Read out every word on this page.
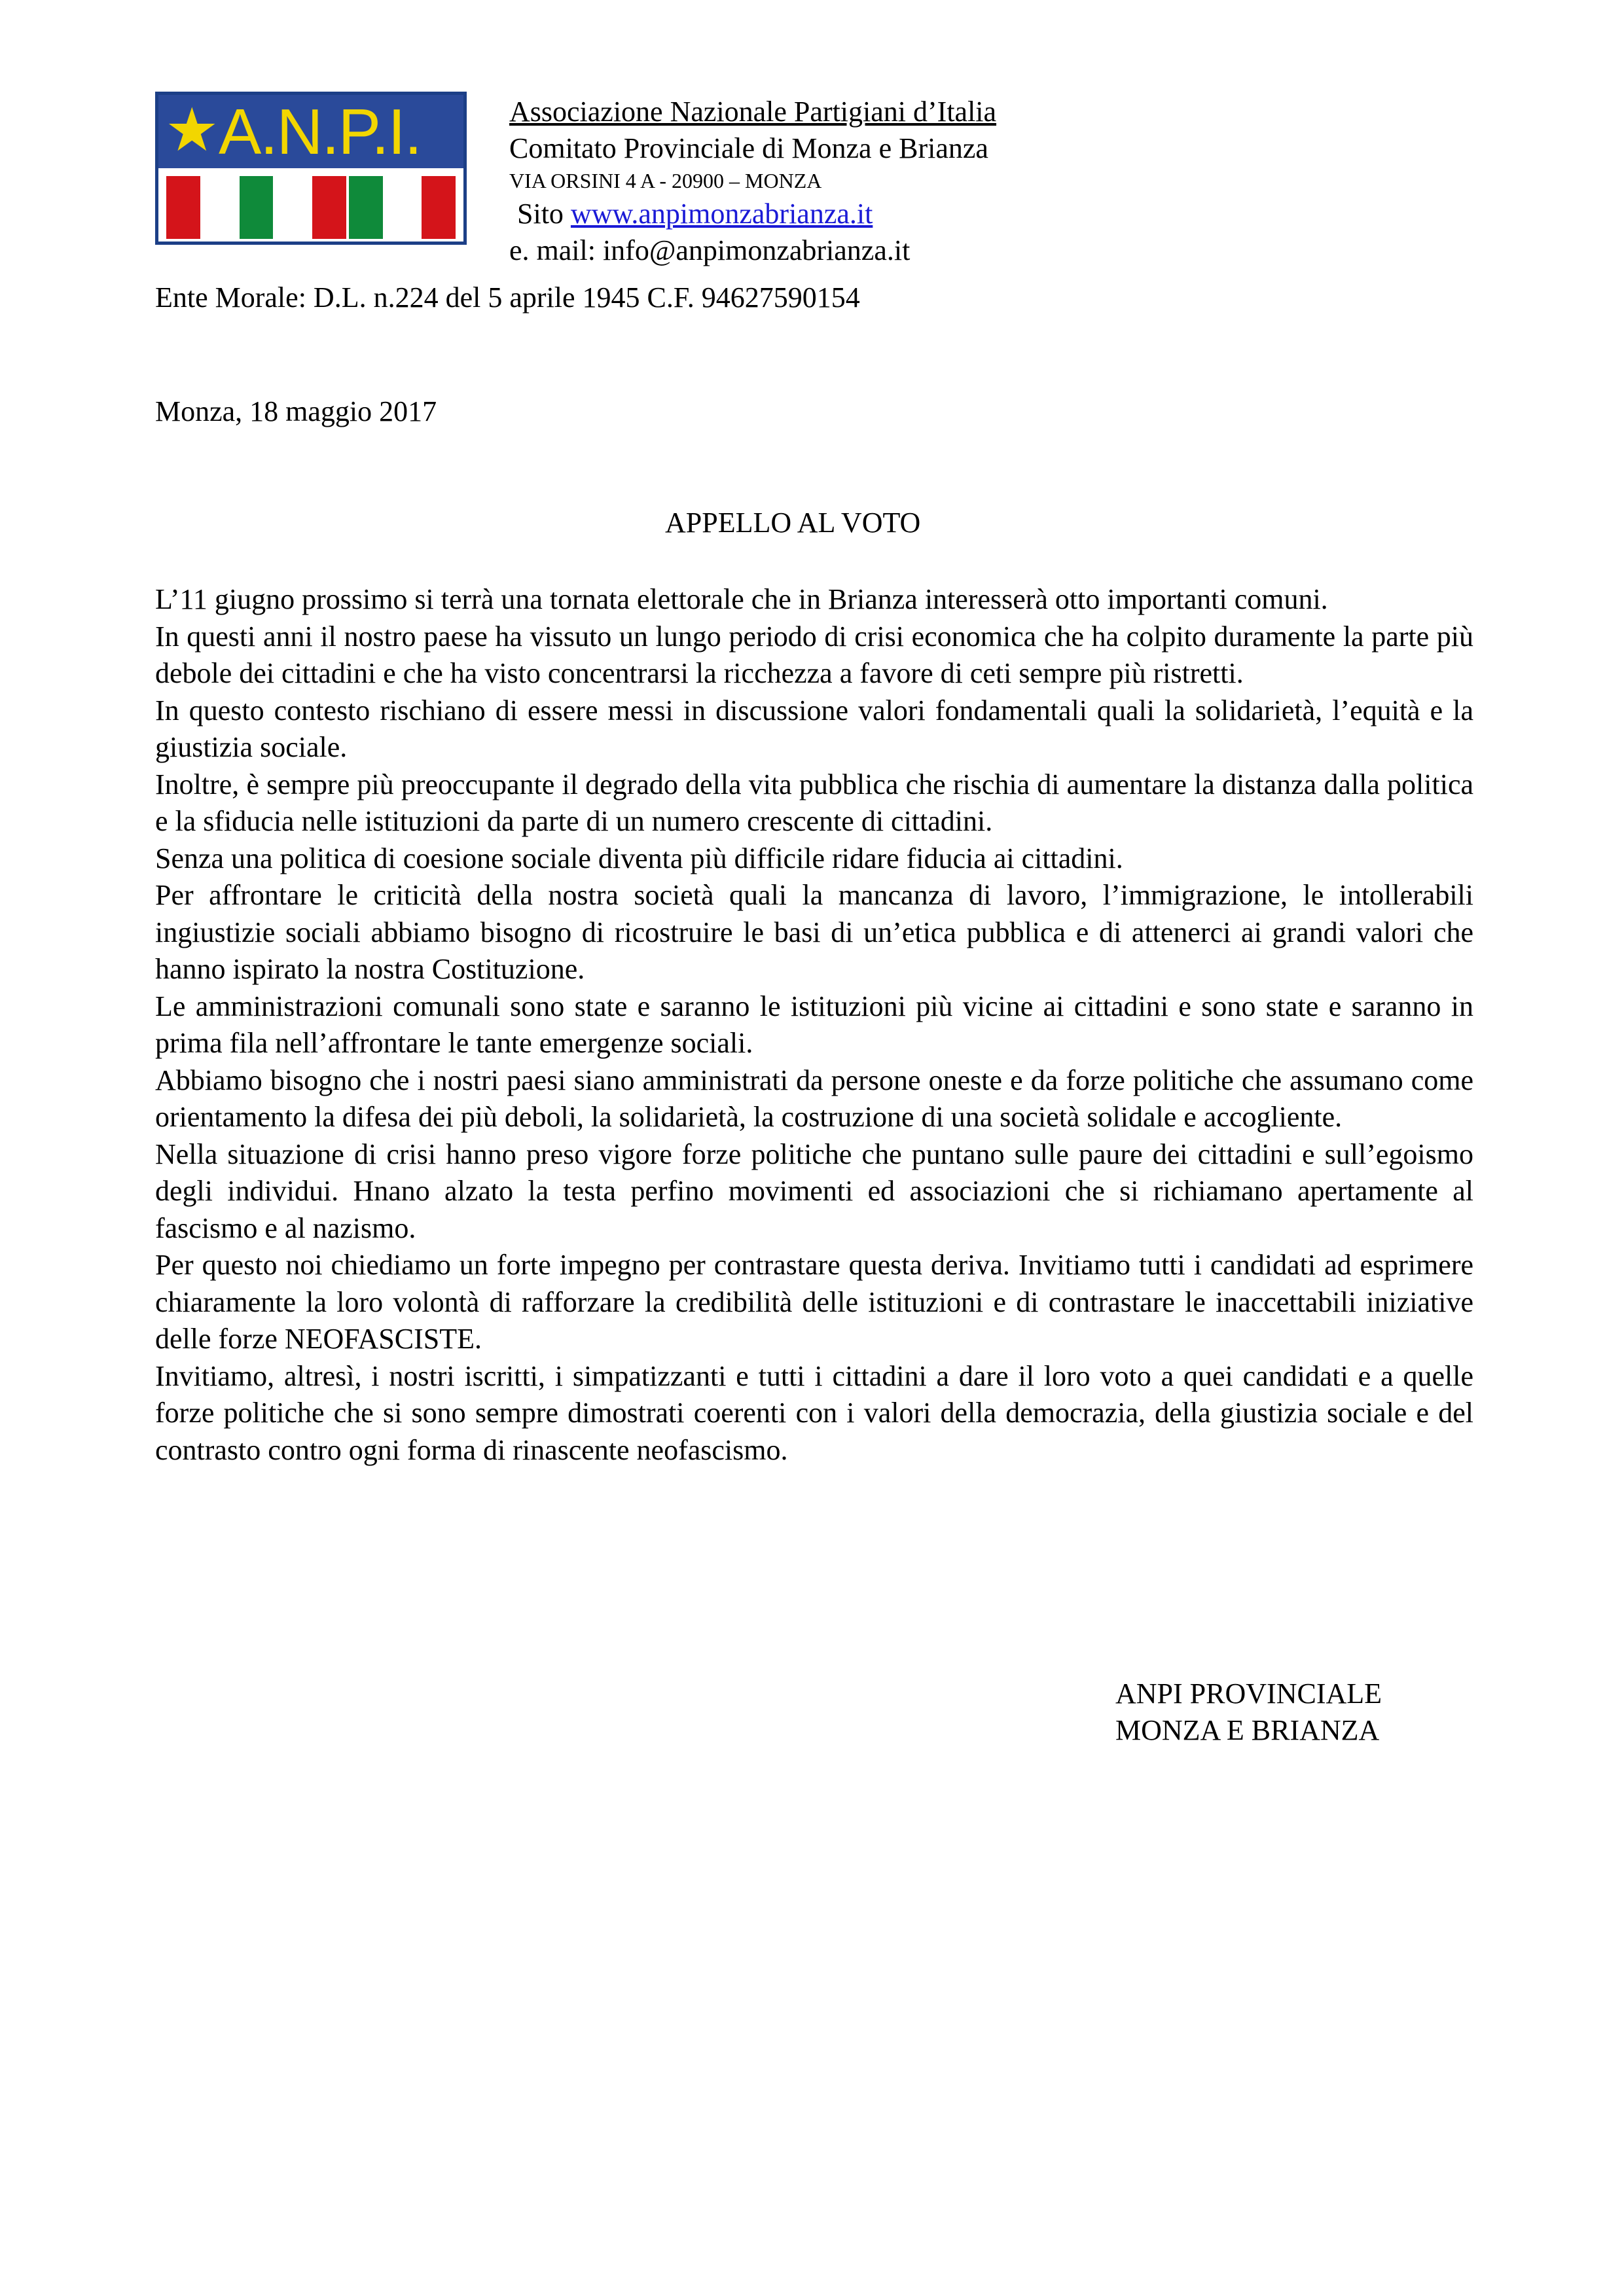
★ A.N.P.I.	Associazione Nazionale Partigiani d’Italia
Comitato Provinciale di Monza e Brianza
VIA ORSINI 4 A - 20900 – MONZA
Sito www.anpimonzabrianza.it
e. mail: info@anpimonzabrianza.it
Ente Morale: D.L. n.224 del 5 aprile 1945 C.F. 94627590154
Monza, 18 maggio 2017
APPELLO AL VOTO

L’11 giugno prossimo si terrà una tornata elettorale che in Brianza interesserà otto importanti comuni.

In questi anni il nostro paese ha vissuto un lungo periodo di crisi economica che ha colpito duramente la parte più debole dei cittadini e che ha visto concentrarsi la ricchezza a favore di ceti sempre più ristretti.

In questo contesto rischiano di essere messi in discussione valori fondamentali quali la solidarietà, l’equità e la giustizia sociale.

Inoltre, è sempre più preoccupante il degrado della vita pubblica che rischia di aumentare la distanza dalla politica e la sfiducia nelle istituzioni da parte di un numero crescente di cittadini.

Senza una politica di coesione sociale diventa più difficile ridare fiducia ai cittadini.

Per affrontare le criticità della nostra società quali la mancanza di lavoro, l’immigrazione, le intollerabili ingiustizie sociali abbiamo bisogno di ricostruire le basi di un’etica pubblica e di attenerci ai grandi valori che hanno ispirato la nostra Costituzione.

Le amministrazioni comunali sono state e saranno le istituzioni più vicine ai cittadini e sono state e saranno in prima fila nell’affrontare le tante emergenze sociali.

Abbiamo bisogno che i nostri paesi siano amministrati da persone oneste e da forze politiche che assumano come orientamento la difesa dei più deboli, la solidarietà, la costruzione di una società solidale e accogliente.

Nella situazione di crisi hanno preso vigore forze politiche che puntano sulle paure dei cittadini e sull’egoismo degli individui. Hnano alzato la testa perfino movimenti ed associazioni che si richiamano apertamente al fascismo e al nazismo.

Per questo noi chiediamo un forte impegno per contrastare questa deriva. Invitiamo tutti i candidati ad esprimere chiaramente la loro volontà di rafforzare la credibilità delle istituzioni e di contrastare le inaccettabili iniziative delle forze NEOFASCISTE.

Invitiamo, altresì, i nostri iscritti, i simpatizzanti e tutti i cittadini a dare il loro voto a quei candidati e a quelle forze politiche che si sono sempre dimostrati coerenti con i valori della democrazia, della giustizia sociale e del contrasto contro ogni forma di rinascente neofascismo.

ANPI PROVINCIALE
MONZA E BRIANZA
